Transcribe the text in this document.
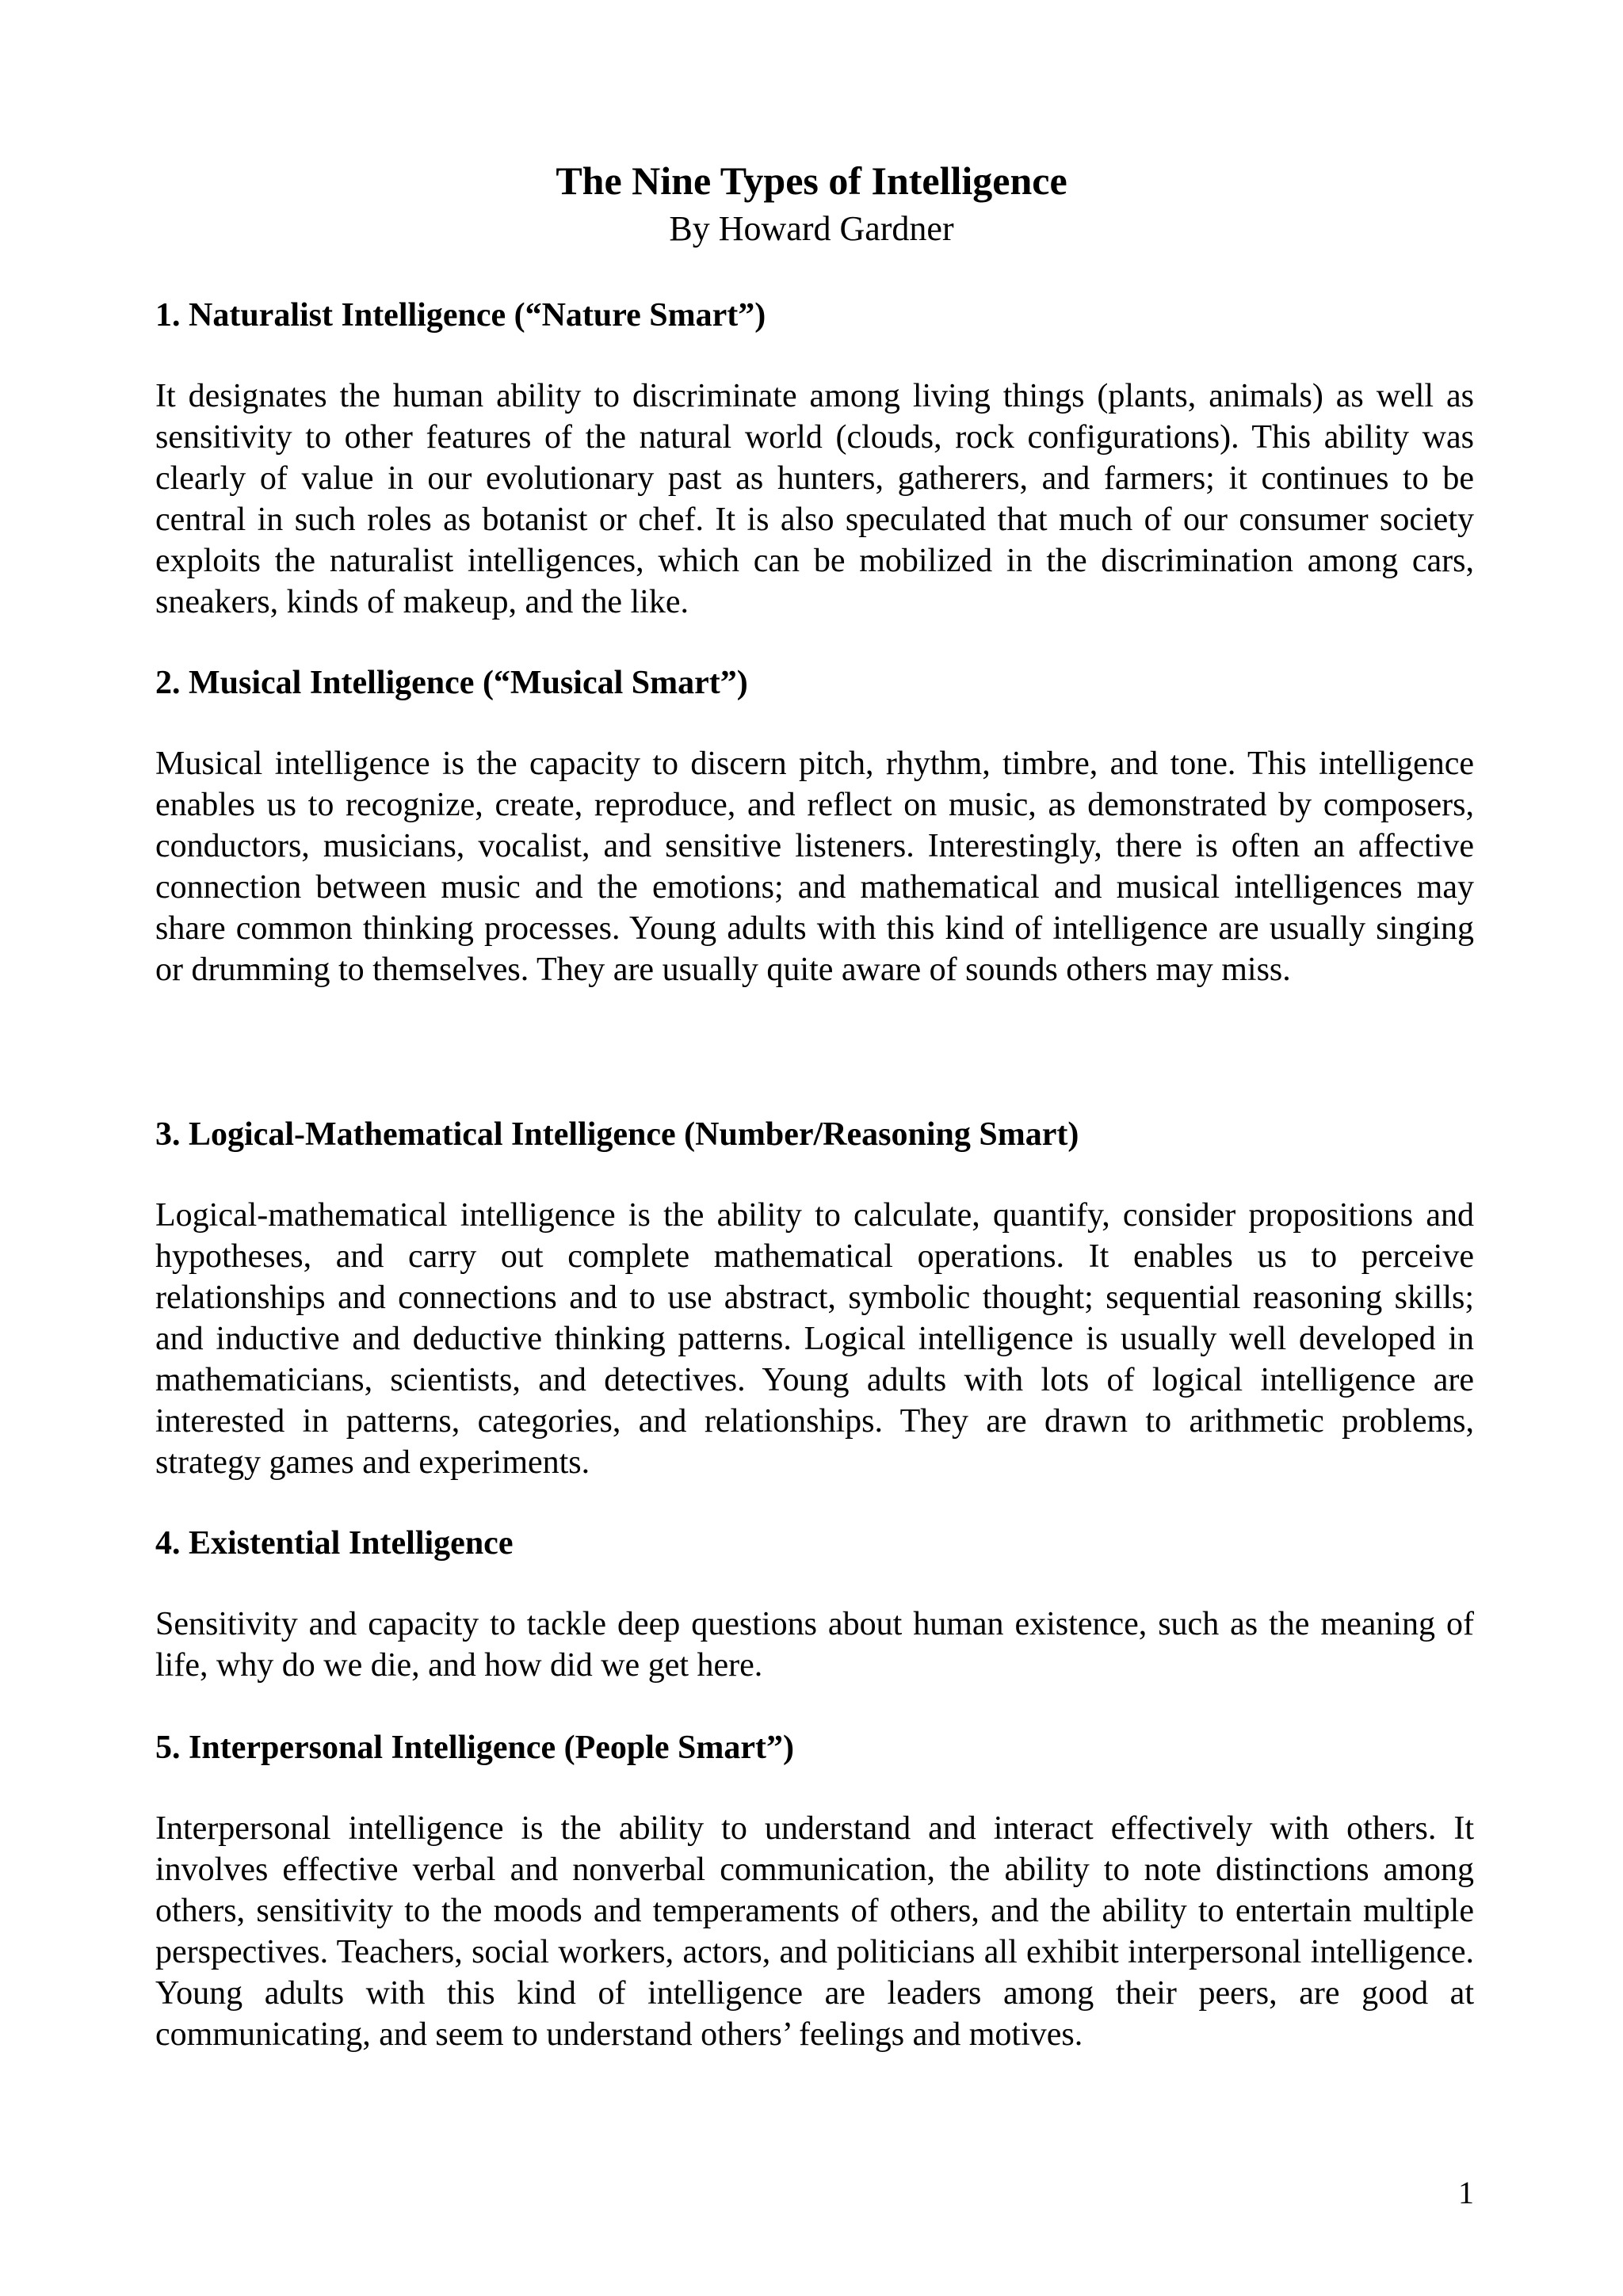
The Nine Types of Intelligence
By Howard Gardner
1. Naturalist Intelligence (“Nature Smart”)

It designates the human ability to discriminate among living things (plants, animals) as well as sensitivity to other features of the natural world (clouds, rock configurations). This ability was clearly of value in our evolutionary past as hunters, gatherers, and farmers; it continues to be central in such roles as botanist or chef. It is also speculated that much of our consumer society exploits the naturalist intelligences, which can be mobilized in the discrimination among cars, sneakers, kinds of makeup, and the like.

2. Musical Intelligence (“Musical Smart”)

Musical intelligence is the capacity to discern pitch, rhythm, timbre, and tone. This intelligence enables us to recognize, create, reproduce, and reflect on music, as demonstrated by composers, conductors, musicians, vocalist, and sensitive listeners. Interestingly, there is often an affective connection between music and the emotions; and mathematical and musical intelligences may share common thinking processes. Young adults with this kind of intelligence are usually singing or drumming to themselves. They are usually quite aware of sounds others may miss.

3. Logical-Mathematical Intelligence (Number/Reasoning Smart)

Logical-mathematical intelligence is the ability to calculate, quantify, consider propositions and hypotheses, and carry out complete mathematical operations. It enables us to perceive relationships and connections and to use abstract, symbolic thought; sequential reasoning skills; and inductive and deductive thinking patterns. Logical intelligence is usually well developed in mathematicians, scientists, and detectives. Young adults with lots of logical intelligence are interested in patterns, categories, and relationships. They are drawn to arithmetic problems, strategy games and experiments.

4. Existential Intelligence

Sensitivity and capacity to tackle deep questions about human existence, such as the meaning of life, why do we die, and how did we get here.

5. Interpersonal Intelligence (People Smart”)

Interpersonal intelligence is the ability to understand and interact effectively with others. It involves effective verbal and nonverbal communication, the ability to note distinctions among others, sensitivity to the moods and temperaments of others, and the ability to entertain multiple perspectives. Teachers, social workers, actors, and politicians all exhibit interpersonal intelligence. Young adults with this kind of intelligence are leaders among their peers, are good at communicating, and seem to understand others’ feelings and motives.

1
